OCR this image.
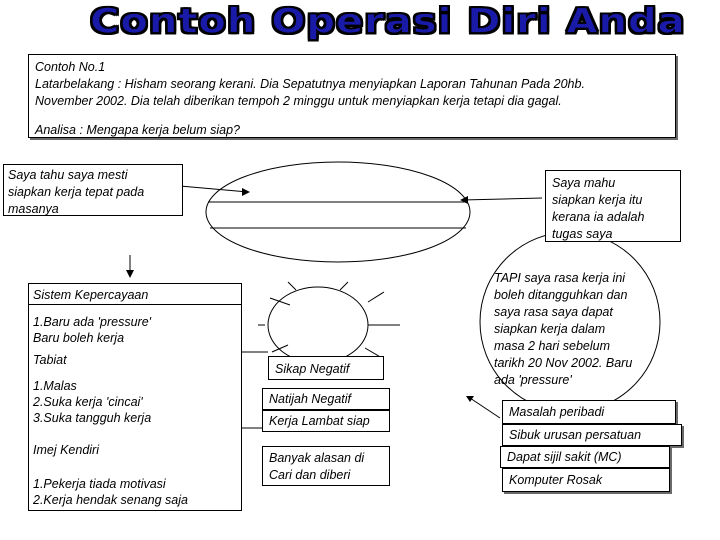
Contoh Operasi Diri Anda
Contoh No.1
Latarbelakang : Hisham seorang kerani. Dia Sepatutnya menyiapkan Laporan Tahunan Pada 20hb.
November 2002. Dia telah diberikan tempoh 2 minggu untuk menyiapkan kerja tetapi dia gagal.
Analisa : Mengapa kerja belum siap?
Saya tahu saya mesti
siapkan kerja tepat pada
masanya
Saya mahu
siapkan kerja itu
kerana ia adalah
tugas saya
TAPI saya rasa kerja ini
boleh ditangguhkan dan
saya rasa saya dapat
siapkan kerja dalam
masa 2 hari sebelum
tarikh 20 Nov 2002. Baru
ada 'pressure'
Sistem Kepercayaan
1.Baru ada 'pressure'
Baru boleh kerja
Tabiat
1.Malas
2.Suka kerja 'cincai'
3.Suka tangguh kerja
Imej Kendiri
1.Pekerja tiada motivasi
2.Kerja hendak senang saja
Sikap Negatif
Natijah Negatif
Kerja Lambat siap
Banyak alasan di
Cari dan diberi
Masalah peribadi
Sibuk urusan persatuan
Dapat sijil sakit (MC)
Komputer Rosak
